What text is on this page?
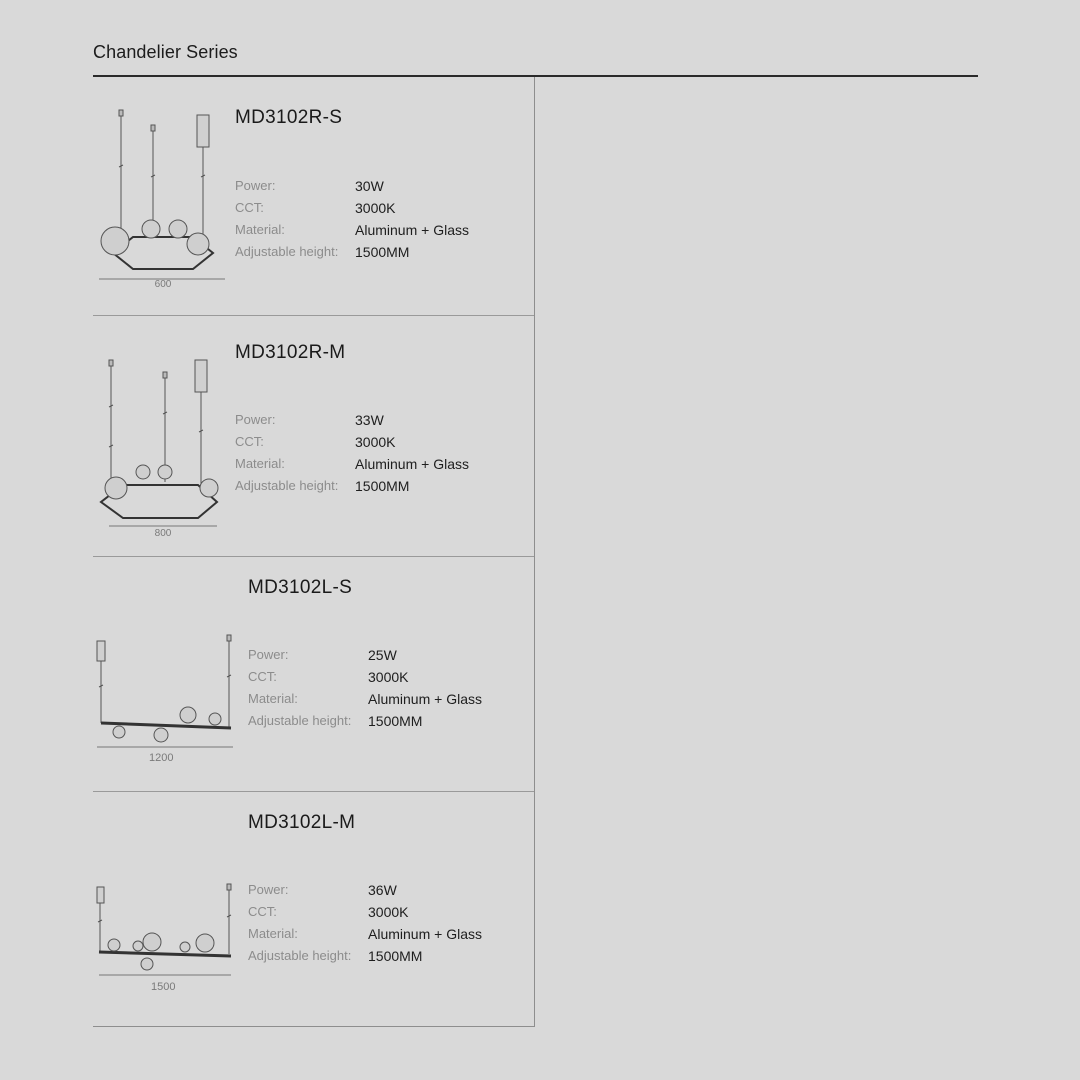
Chandelier Series
600
MD3102R-S
Power:	30W
CCT:	3000K
Material:	Aluminum + Glass
Adjustable height: 1500MM
800
MD3102R-M
Power:	33W
CCT:	3000K
Material:	Aluminum + Glass
Adjustable height: 1500MM
1200
MD3102L-S
Power:	25W
CCT:	3000K
Material:	Aluminum + Glass
Adjustable height: 1500MM
1500
MD3102L-M
Power:	36W
CCT:	3000K
Material:	Aluminum + Glass
Adjustable height: 1500MM
